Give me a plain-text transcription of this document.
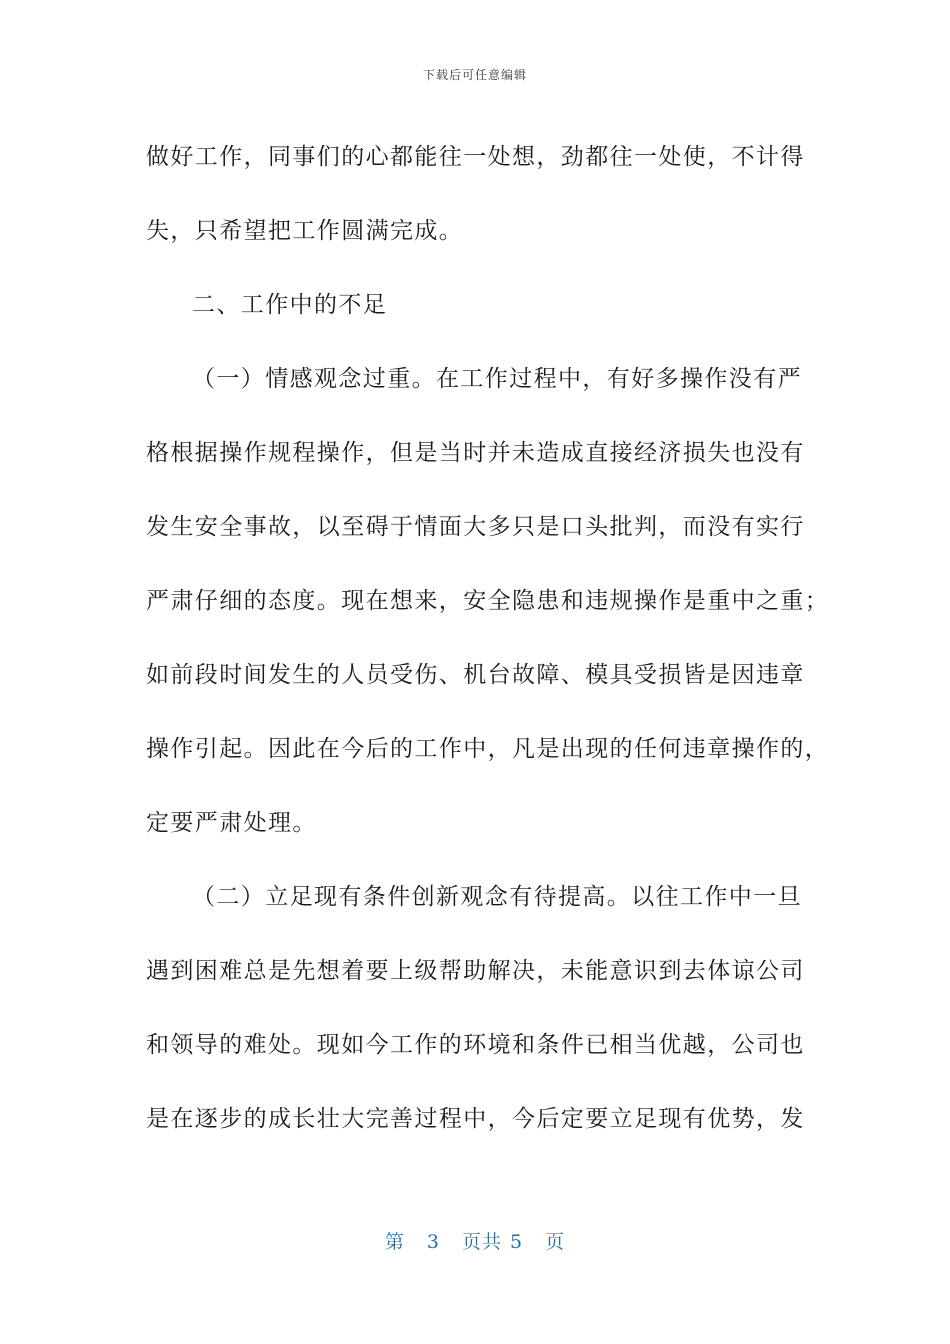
下载后可任意编辑

做好工作，同事们的心都能往一处想，劲都往一处使，不计得

失，只希望把工作圆满完成。

二、工作中的不足

（一）情感观念过重。在工作过程中，有好多操作没有严

格根据操作规程操作，但是当时并未造成直接经济损失也没有

发生安全事故，以至碍于情面大多只是口头批判，而没有实行

严肃仔细的态度。现在想来，安全隐患和违规操作是重中之重；

如前段时间发生的人员受伤、机台故障、模具受损皆是因违章

操作引起。因此在今后的工作中，凡是出现的任何违章操作的，

定要严肃处理。

（二）立足现有条件创新观念有待提高。以往工作中一旦

遇到困难总是先想着要上级帮助解决，未能意识到去体谅公司

和领导的难处。现如今工作的环境和条件已相当优越，公司也

是在逐步的成长壮大完善过程中，今后定要立足现有优势，发

第 3 页共 5 页
